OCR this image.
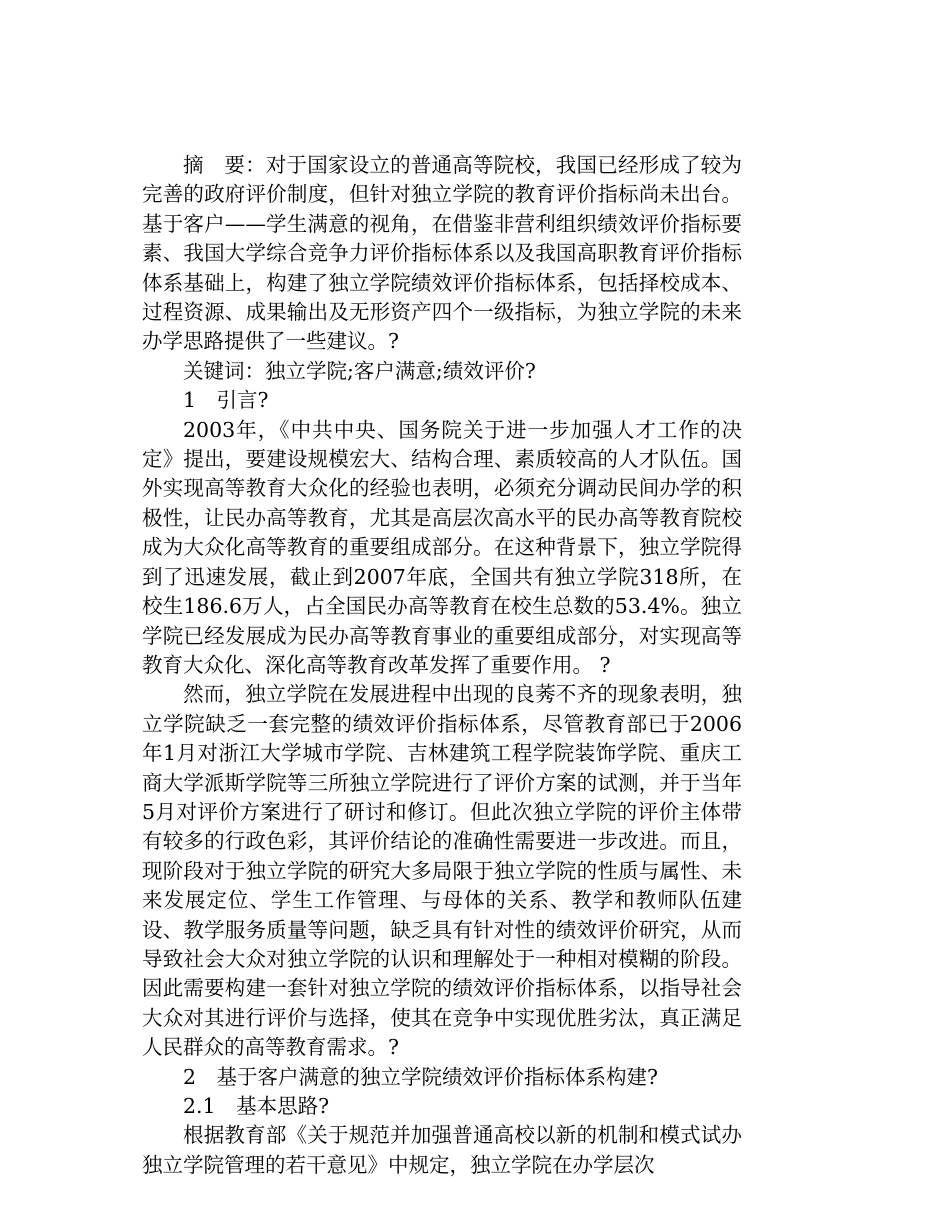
摘　要：对于国家设立的普通高等院校，我国已经形成了较为完善的政府评价制度，但针对独立学院的教育评价指标尚未出台。基于客户——学生满意的视角，在借鉴非营利组织绩效评价指标要素、我国大学综合竞争力评价指标体系以及我国高职教育评价指标体系基础上，构建了独立学院绩效评价指标体系，包括择校成本、过程资源、成果输出及无形资产四个一级指标，为独立学院的未来办学思路提供了一些建议。?

关键词：独立学院;客户满意;绩效评价?

1　引言?

2003年，《中共中央、国务院关于进一步加强人才工作的决定》提出，要建设规模宏大、结构合理、素质较高的人才队伍。国外实现高等教育大众化的经验也表明，必须充分调动民间办学的积极性，让民办高等教育，尤其是高层次高水平的民办高等教育院校成为大众化高等教育的重要组成部分。在这种背景下，独立学院得到了迅速发展，截止到2007年底，全国共有独立学院318所，在校生186.6万人，占全国民办高等教育在校生总数的53.4%。独立学院已经发展成为民办高等教育事业的重要组成部分，对实现高等教育大众化、深化高等教育改革发挥了重要作用。 ?

然而，独立学院在发展进程中出现的良莠不齐的现象表明，独立学院缺乏一套完整的绩效评价指标体系，尽管教育部已于2006年1月对浙江大学城市学院、吉林建筑工程学院装饰学院、重庆工商大学派斯学院等三所独立学院进行了评价方案的试测，并于当年5月对评价方案进行了研讨和修订。但此次独立学院的评价主体带有较多的行政色彩，其评价结论的准确性需要进一步改进。而且，现阶段对于独立学院的研究大多局限于独立学院的性质与属性、未来发展定位、学生工作管理、与母体的关系、教学和教师队伍建设、教学服务质量等问题，缺乏具有针对性的绩效评价研究，从而导致社会大众对独立学院的认识和理解处于一种相对模糊的阶段。因此需要构建一套针对独立学院的绩效评价指标体系，以指导社会大众对其进行评价与选择，使其在竞争中实现优胜劣汰，真正满足人民群众的高等教育需求。?

2　基于客户满意的独立学院绩效评价指标体系构建?

2.1　基本思路?

根据教育部《关于规范并加强普通高校以新的机制和模式试办独立学院管理的若干意见》中规定，独立学院在办学层次
